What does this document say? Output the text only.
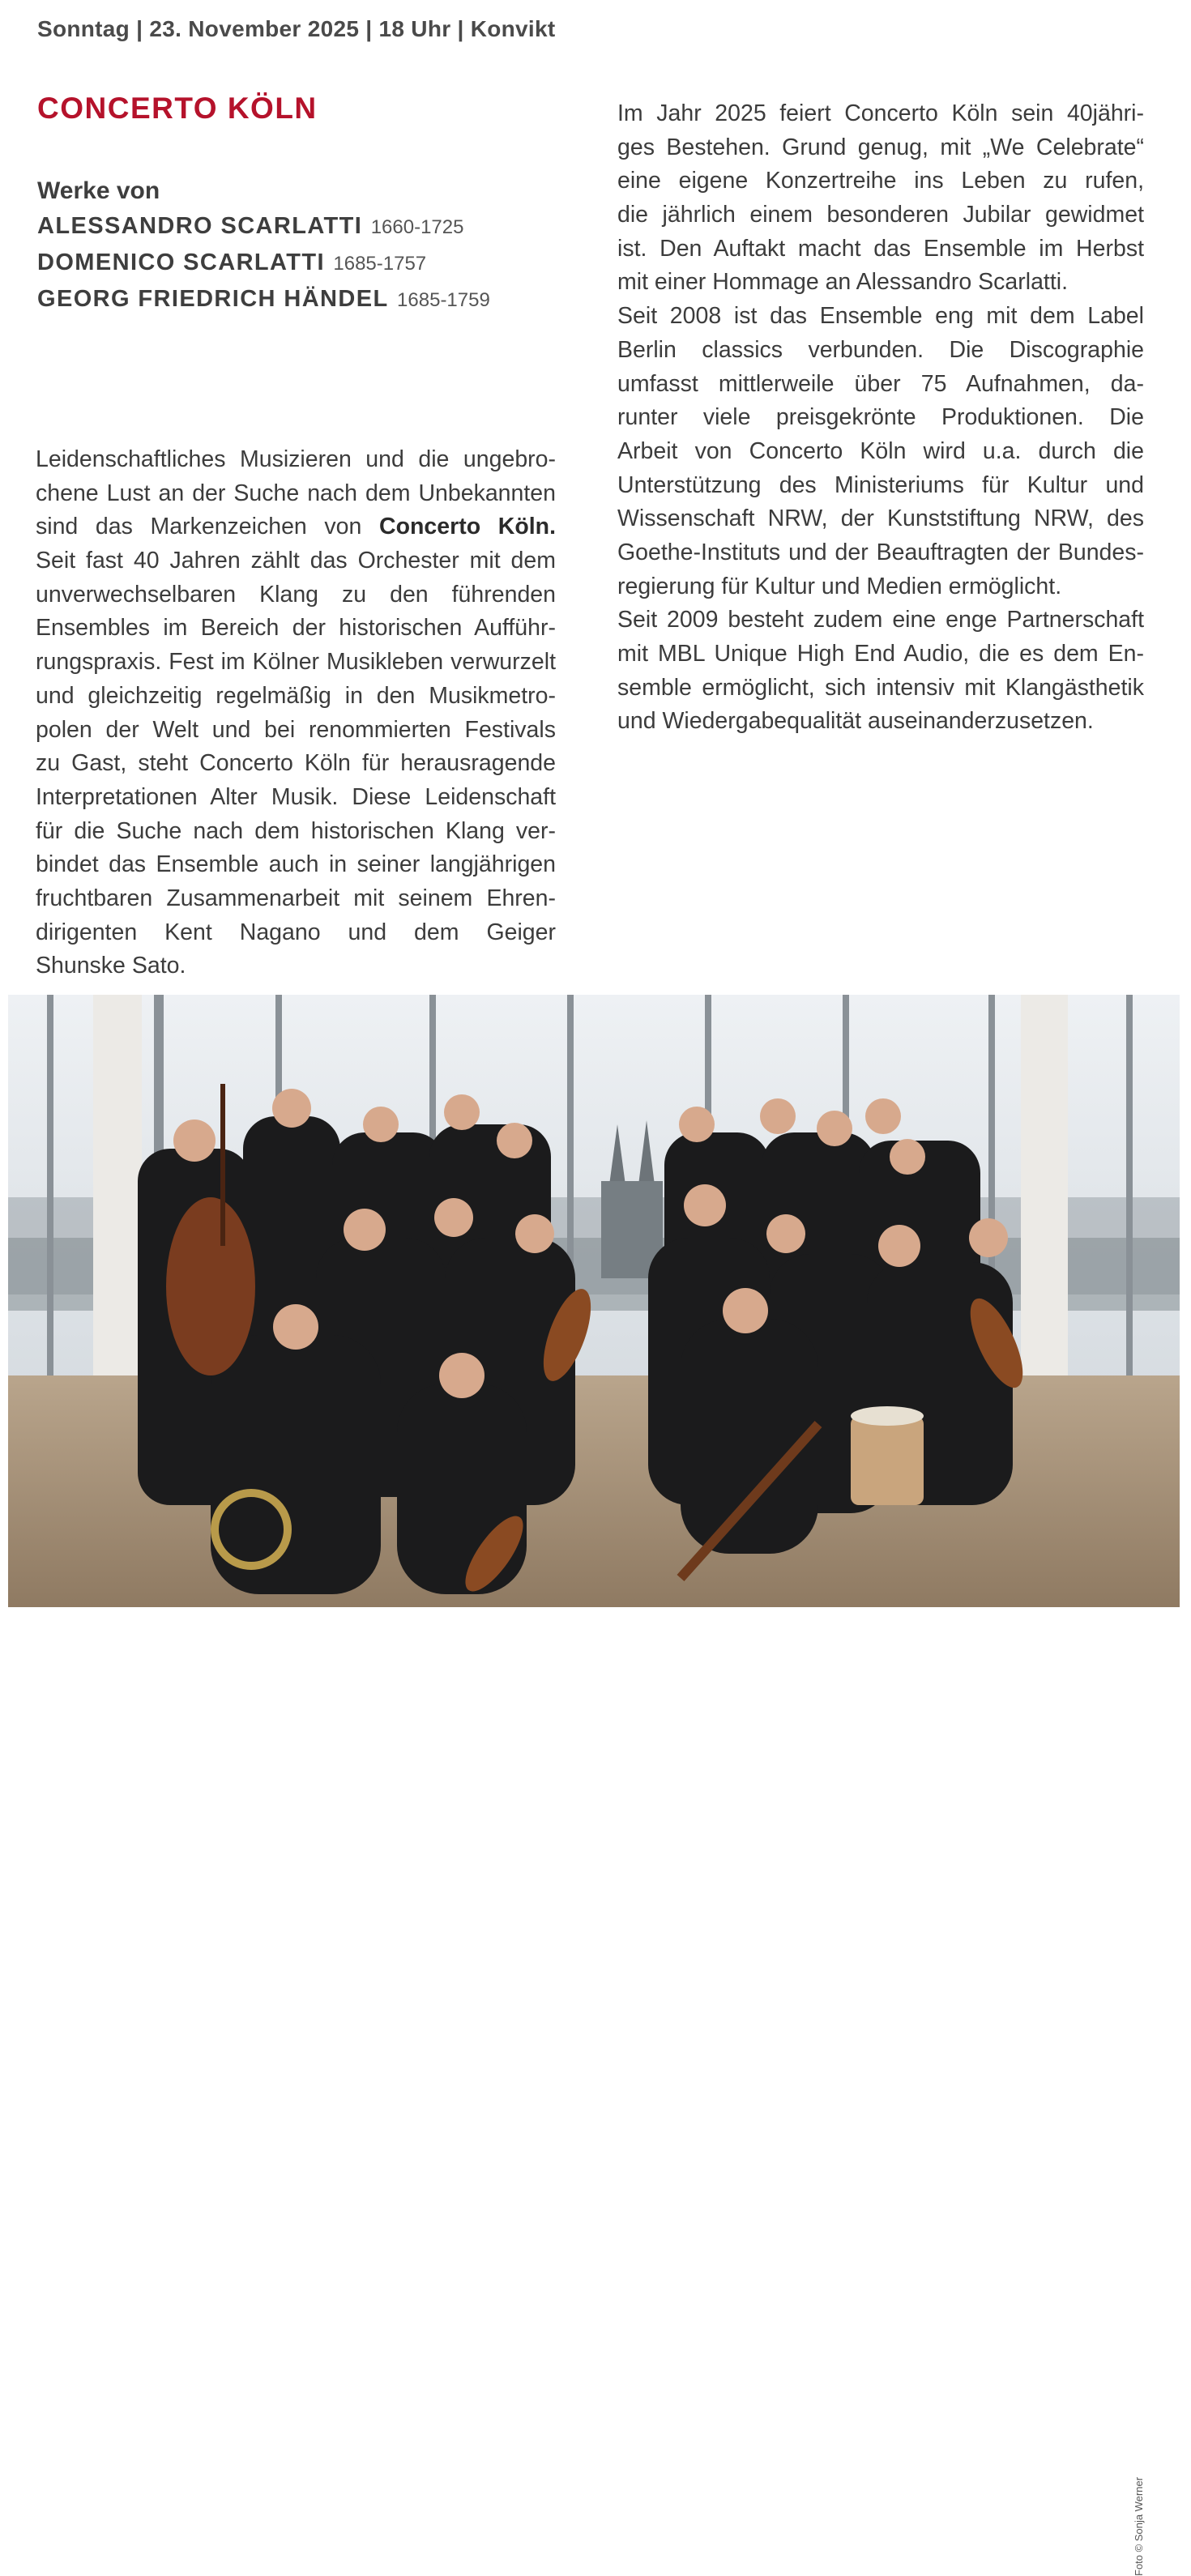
Sonntag | 23. November 2025 | 18 Uhr | Konvikt
CONCERTO KÖLN
Werke von
ALESSANDRO SCARLATTI 1660-1725
DOMENICO SCARLATTI 1685-1757
GEORG FRIEDRICH HÄNDEL 1685-1759
Leidenschaftliches Musizieren und die ungebro-
chene Lust an der Suche nach dem Unbekannten
sind das Markenzeichen von Concerto Köln.
Seit fast 40 Jahren zählt das Orchester mit dem
unverwechselbaren Klang zu den führenden
Ensembles im Bereich der historischen Aufführ-
rungspraxis. Fest im Kölner Musikleben verwurzelt
und gleichzeitig regelmäßig in den Musikmetro-
polen der Welt und bei renommierten Festivals
zu Gast, steht Concerto Köln für herausragende
Interpretationen Alter Musik. Diese Leidenschaft
für die Suche nach dem historischen Klang ver-
bindet das Ensemble auch in seiner langjährigen
fruchtbaren Zusammenarbeit mit seinem Ehren-
dirigenten Kent Nagano und dem Geiger
Shunske Sato.
Im Jahr 2025 feiert Concerto Köln sein 40jähri-
ges Bestehen. Grund genug, mit „We Celebrate“
eine eigene Konzertreihe ins Leben zu rufen,
die jährlich einem besonderen Jubilar gewidmet
ist. Den Auftakt macht das Ensemble im Herbst
mit einer Hommage an Alessandro Scarlatti.
Seit 2008 ist das Ensemble eng mit dem Label
Berlin classics verbunden. Die Discographie
umfasst mittlerweile über 75 Aufnahmen, da-
runter viele preisgekrönte Produktionen. Die
Arbeit von Concerto Köln wird u.a. durch die
Unterstützung des Ministeriums für Kultur und
Wissenschaft NRW, der Kunststiftung NRW, des
Goethe-Instituts und der Beauftragten der Bundes-
regierung für Kultur und Medien ermöglicht.
Seit 2009 besteht zudem eine enge Partnerschaft
mit MBL Unique High End Audio, die es dem En-
semble ermöglicht, sich intensiv mit Klangästhetik
und Wiedergabequalität auseinanderzusetzen.
Foto © Sonja Werner
